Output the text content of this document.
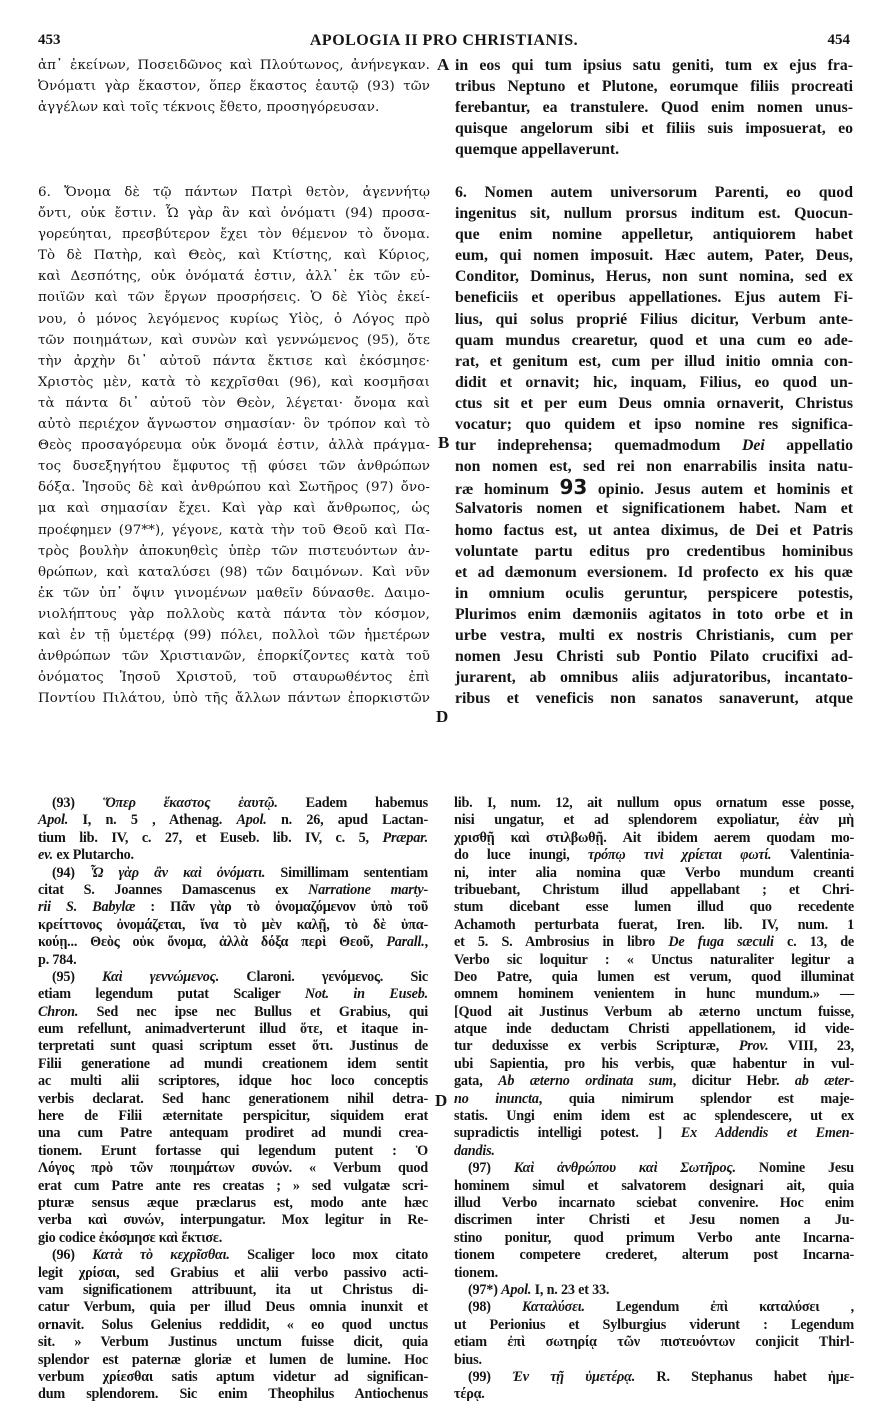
453	APOLOGIA II PRO CHRISTIANIS.	454
ἀπ᾽ ἐκείνων, Ποσειδῶνος καὶ Πλούτωνος, ἀνήνεγκαν.
Ὀνόματι γὰρ ἕκαστον, ὅπερ ἕκαστος ἑαυτῷ (93) τῶν
ἀγγέλων καὶ τοῖς τέκνοις ἔθετο, προσηγόρευσαν.
in eos qui tum ipsius satu geniti, tum ex ejus fra-
tribus Neptuno et Plutone, eorumque filiis procreati
ferebantur, ea transtulere. Quod enim nomen unus-
quisque angelorum sibi et filiis suis imposuerat, eo
quemque appellaverunt.
6. Ὄνομα δὲ τῷ πάντων Πατρὶ θετὸν, ἀγεννήτῳ
ὄντι, οὐκ ἔστιν. Ὧ γὰρ ἂν καὶ ὀνόματι (94) προσα-
γορεύηται, πρεσβύτερον ἔχει τὸν θέμενον τὸ ὄνομα.
Τὸ δὲ Πατὴρ, καὶ Θεὸς, καὶ Κτίστης, καὶ Κύριος,
καὶ Δεσπότης, οὐκ ὀνόματά ἐστιν, ἀλλ᾽ ἐκ τῶν εὐ-
ποιϊῶν καὶ τῶν ἔργων προσρήσεις. Ὁ δὲ Υἱὸς ἐκεί-
νου, ὁ μόνος λεγόμενος κυρίως Υἱὸς, ὁ Λόγος πρὸ
τῶν ποιημάτων, καὶ συνὼν καὶ γεννώμενος (95), ὅτε
τὴν ἀρχὴν δι᾽ αὐτοῦ πάντα ἔκτισε καὶ ἐκόσμησε·
Χριστὸς μὲν, κατὰ τὸ κεχρῖσθαι (96), καὶ κοσμῆσαι
τὰ πάντα δι᾽ αὐτοῦ τὸν Θεὸν, λέγεται· ὄνομα καὶ
αὐτὸ περιέχον ἄγνωστον σημασίαν· ὃν τρόπον καὶ τὸ
Θεὸς προσαγόρευμα οὐκ ὄνομά ἐστιν, ἀλλὰ πράγμα-
τος δυσεξηγήτου ἔμφυτος τῇ φύσει τῶν ἀνθρώπων
δόξα. Ἰησοῦς δὲ καὶ ἀνθρώπου καὶ Σωτῆρος (97) ὄνο-
μα καὶ σημασίαν ἔχει. Καὶ γὰρ καὶ ἄνθρωπος, ὡς
προέφημεν (97**), γέγονε, κατὰ τὴν τοῦ Θεοῦ καὶ Πα-
τρὸς βουλὴν ἀποκυηθεὶς ὑπὲρ τῶν πιστευόντων ἀν-
θρώπων, καὶ καταλύσει (98) τῶν δαιμόνων. Καὶ νῦν
ἐκ τῶν ὑπ᾽ ὄψιν γινομένων μαθεῖν δύνασθε. Δαιμο-
νιολήπτους γὰρ πολλοὺς κατὰ πάντα τὸν κόσμον,
καὶ ἐν τῇ ὑμετέρᾳ (99) πόλει, πολλοὶ τῶν ἡμετέρων
ἀνθρώπων τῶν Χριστιανῶν, ἐπορκίζοντες κατὰ τοῦ
ὀνόματος Ἰησοῦ Χριστοῦ, τοῦ σταυρωθέντος ἐπὶ
Ποντίου Πιλάτου, ὑπὸ τῆς ἄλλων πάντων ἐπορκιστῶν
6. Nomen autem universorum Parenti, eo quod
ingenitus sit, nullum prorsus inditum est. Quocun-
que enim nomine appelletur, antiquiorem habet
eum, qui nomen imposuit. Hæc autem, Pater, Deus,
Conditor, Dominus, Herus, non sunt nomina, sed ex
beneficiis et operibus appellationes. Ejus autem Fi-
lius, qui solus proprié Filius dicitur, Verbum ante-
quam mundus crearetur, quod et una cum eo ade-
rat, et genitum est, cum per illud initio omnia con-
didit et ornavit; hic, inquam, Filius, eo quod un-
ctus sit et per eum Deus omnia ornaverit, Christus
vocatur; quo quidem et ipso nomine res significa-
tur indeprehensa; quemadmodum Dei appellatio
non nomen est, sed rei non enarrabilis insita natu-
ræ hominum 93 opinio. Jesus autem et hominis et
Salvatoris nomen et significationem habet. Nam et
homo factus est, ut antea diximus, de Dei et Patris
voluntate partu editus pro credentibus hominibus
et ad dæmonum eversionem. Id profecto ex his quæ
in omnium oculis geruntur, perspicere potestis,
Plurimos enim dæmoniis agitatos in toto orbe et in
urbe vestra, multi ex nostris Christianis, cum per
nomen Jesu Christi sub Pontio Pilato crucifixi ad-
jurarent, ab omnibus aliis adjuratoribus, incantato-
ribus et veneficis non sanatos sanaverunt, atque
A
B
D
D
(93) Ὅπερ ἕκαστος ἑαυτῷ. Eadem habemus
Apol. I, n. 5 , Athenag. Apol. n. 26, apud Lactan-
tium lib. IV, c. 27, et Euseb. lib. IV, c. 5, Præpar.
ev. ex Plutarcho.
(94) Ὧ γὰρ ἂν καὶ ὀνόματι. Simillimam sententiam
citat S. Joannes Damascenus ex Narratione marty-
rii S. Babylæ : Πᾶν γὰρ τὸ ὀνομαζόμενον ὑπὸ τοῦ
κρείττονος ὀνομάζεται, ἵνα τὸ μὲν καλῇ, τὸ δὲ ὑπα-
κούῃ... Θεὸς οὐκ ὄνομα, ἀλλὰ δόξα περὶ Θεοῦ, Parall.,
p. 784.
(95) Καὶ γεννώμενος. Claroni. γενόμενος. Sic
etiam legendum putat Scaliger Not. in Euseb.
Chron. Sed nec ipse nec Bullus et Grabius, qui
eum refellunt, animadverterunt illud ὅτε, et itaque in-
terpretati sunt quasi scriptum esset ὅτι. Justinus de
Filii generatione ad mundi creationem idem sentit
ac multi alii scriptores, idque hoc loco conceptis
verbis declarat. Sed hanc generationem nihil detra-
here de Filii æternitate perspicitur, siquidem erat
una cum Patre antequam prodiret ad mundi crea-
tionem. Erunt fortasse qui legendum putent : Ὁ
Λόγος πρὸ τῶν ποιημάτων συνών. « Verbum quod
erat cum Patre ante res creatas ; » sed vulgatæ scri-
pturæ sensus æque præclarus est, modo ante hæc
verba καὶ συνών, interpungatur. Mox legitur in Re-
gio codice ἐκόσμησε καὶ ἔκτισε.
(96) Κατὰ τὸ κεχρῖσθαι. Scaliger loco mox citato
legit χρίσαι, sed Grabius et alii verbo passivo acti-
vam significationem attribuunt, ita ut Christus di-
catur Verbum, quia per illud Deus omnia inunxit et
ornavit. Solus Gelenius reddidit, « eo quod unctus
sit. » Verbum Justinus unctum fuisse dicit, quia
splendor est paternæ gloriæ et lumen de lumine. Hoc
verbum χρίεσθαι satis aptum videtur ad significan-
dum splendorem. Sic enim Theophilus Antiochenus
lib. I, num. 12, ait nullum opus ornatum esse posse,
nisi ungatur, et ad splendorem expoliatur, ἐὰν μὴ
χρισθῇ καὶ στιλβωθῇ. Ait ibidem aerem quodam mo-
do luce inungi, τρόπῳ τινὶ χρίεται φωτί. Valentinia-
ni, inter alia nomina quæ Verbo mundum creanti
tribuebant, Christum illud appellabant ; et Chri-
stum dicebant esse lumen illud quo recedente
Achamoth perturbata fuerat, Iren. lib. IV, num. 1
et 5. S. Ambrosius in libro De fuga sæculi c. 13, de
Verbo sic loquitur : « Unctus naturaliter legitur a
Deo Patre, quia lumen est verum, quod illuminat
omnem hominem venientem in hunc mundum.» —
[Quod ait Justinus Verbum ab æterno unctum fuisse,
atque inde deductam Christi appellationem, id vide-
tur deduxisse ex verbis Scripturæ, Prov. VIII, 23,
ubi Sapientia, pro his verbis, quæ habentur in vul-
gata, Ab æterno ordinata sum, dicitur Hebr. ab æter-
no inuncta, quia nimirum splendor est maje-
statis. Ungi enim idem est ac splendescere, ut ex
supradictis intelligi potest. ] Ex Addendis et Emen-
dandis.
(97) Καὶ ἀνθρώπου καὶ Σωτῆρος. Nomine Jesu
hominem simul et salvatorem designari ait, quia
illud Verbo incarnato sciebat convenire. Hoc enim
discrimen inter Christi et Jesu nomen a Ju-
stino ponitur, quod primum Verbo ante Incarna-
tionem competere crederet, alterum post Incarna-
tionem.
(97*) Apol. I, n. 23 et 33.
(98) Καταλύσει. Legendum ἐπὶ καταλύσει ,
ut Perionius et Sylburgius viderunt : Legendum
etiam ἐπὶ σωτηρίᾳ τῶν πιστευόντων conjicit Thirl-
bius.
(99) Ἐν τῇ ὑμετέρᾳ. R. Stephanus habet ἡμε-
τέρᾳ.
